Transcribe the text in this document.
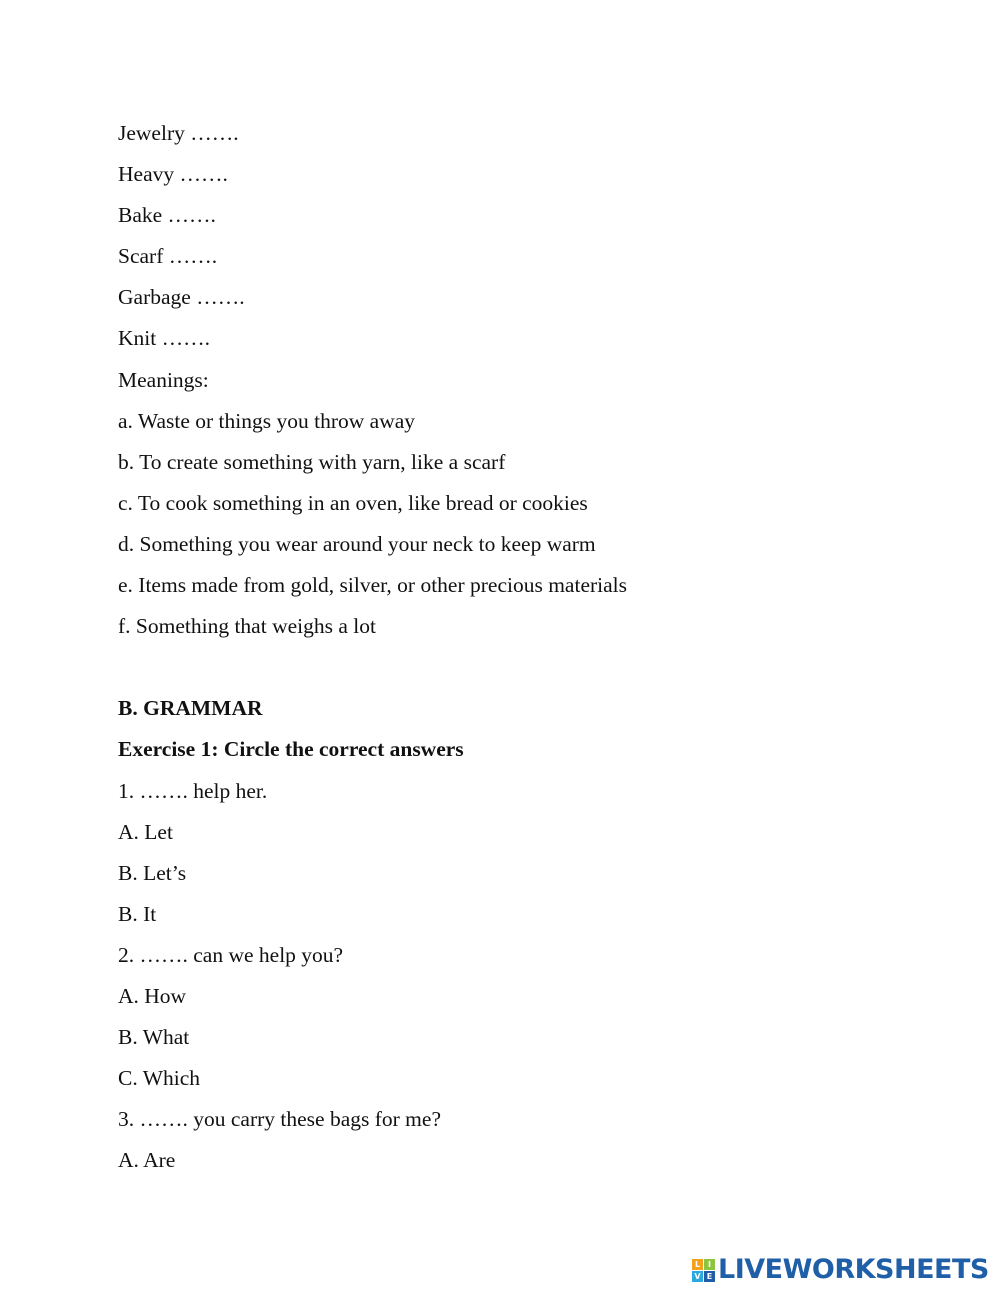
Jewelry …….
Heavy …….
Bake …….
Scarf …….
Garbage …….
Knit …….
Meanings:
a. Waste or things you throw away
b. To create something with yarn, like a scarf
c. To cook something in an oven, like bread or cookies
d. Something you wear around your neck to keep warm
e. Items made from gold, silver, or other precious materials
f. Something that weighs a lot
B. GRAMMAR
Exercise 1: Circle the correct answers
1. ……. help her.
A. Let
B. Let’s
B. It
2. ……. can we help you?
A. How
B. What
C. Which
3. ……. you carry these bags for me?
A. Are
L I
V E LIVEWORKSHEETS
